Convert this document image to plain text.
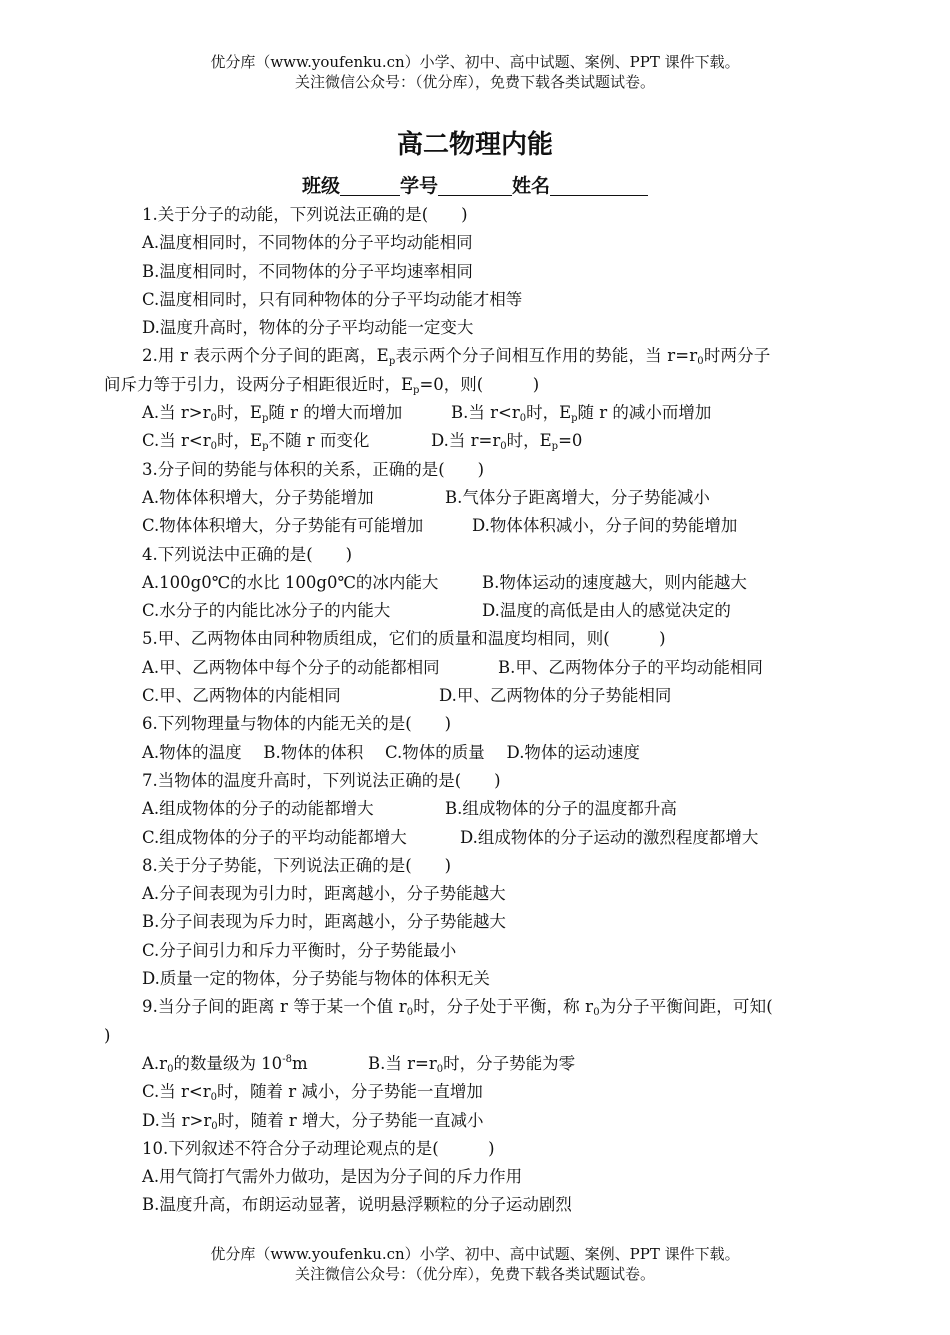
优分库（www.youfenku.cn）小学、初中、高中试题、案例、PPT 课件下载。
关注微信公众号：（优分库），免费下载各类试题试卷。
高二物理内能
班级	学号	姓名
1.关于分子的动能，下列说法正确的是(　　)
A.温度相同时，不同物体的分子平均动能相同
B.温度相同时，不同物体的分子平均速率相同
C.温度相同时，只有同种物体的分子平均动能才相等
D.温度升高时，物体的分子平均动能一定变大
2.用 r 表示两个分子间的距离，$E_p$表示两个分子间相互作用的势能，当 $r=r_0$时两分子
间斥力等于引力，设两分子相距很近时，$E_p=0$，则(　　　)
A.当 $r>r_0$时，$E_p$随 r 的增大而增加	B.当 $r<r_0$时，$E_p$随 r 的减小而增加
C.当 $r<r_0$时，$E_p$不随 r 而变化	D.当 $r=r_0$时，$E_p=0$
3.分子间的势能与体积的关系，正确的是(　　)
A.物体体积增大，分子势能增加	B.气体分子距离增大，分子势能减小
C.物体体积增大，分子势能有可能增加	D.物体体积减小，分子间的势能增加
4.下列说法中正确的是(　　)
A.100g0℃的水比 100g0℃的冰内能大	B.物体运动的速度越大，则内能越大
C.水分子的内能比冰分子的内能大	D.温度的高低是由人的感觉决定的
5.甲、乙两物体由同种物质组成，它们的质量和温度均相同，则(　　　)
A.甲、乙两物体中每个分子的动能都相同	B.甲、乙两物体分子的平均动能相同
C.甲、乙两物体的内能相同	D.甲、乙两物体的分子势能相同
6.下列物理量与物体的内能无关的是(　　)
A.物体的温度　 B.物体的体积　 C.物体的质量　 D.物体的运动速度
7.当物体的温度升高时，下列说法正确的是(　　)
A.组成物体的分子的动能都增大	B.组成物体的分子的温度都升高
C.组成物体的分子的平均动能都增大	D.组成物体的分子运动的激烈程度都增大
8.关于分子势能，下列说法正确的是(　　)
A.分子间表现为引力时，距离越小，分子势能越大
B.分子间表现为斥力时，距离越小，分子势能越大
C.分子间引力和斥力平衡时，分子势能最小
D.质量一定的物体，分子势能与物体的体积无关
9.当分子间的距离 r 等于某一个值 $r_0$时，分子处于平衡，称 $r_0$为分子平衡间距，可知(
)
$A.r_0$的数量级为 $10^{-8}m$	B.当 $r=r_0$时，分子势能为零
C.当 $r<r_0$时，随着 r 减小，分子势能一直增加
D.当 $r>r_0$时，随着 r 增大，分子势能一直减小
10.下列叙述不符合分子动理论观点的是(　　　)
A.用气筒打气需外力做功，是因为分子间的斥力作用
B.温度升高，布朗运动显著，说明悬浮颗粒的分子运动剧烈
优分库（www.youfenku.cn）小学、初中、高中试题、案例、PPT 课件下载。
关注微信公众号：（优分库），免费下载各类试题试卷。
